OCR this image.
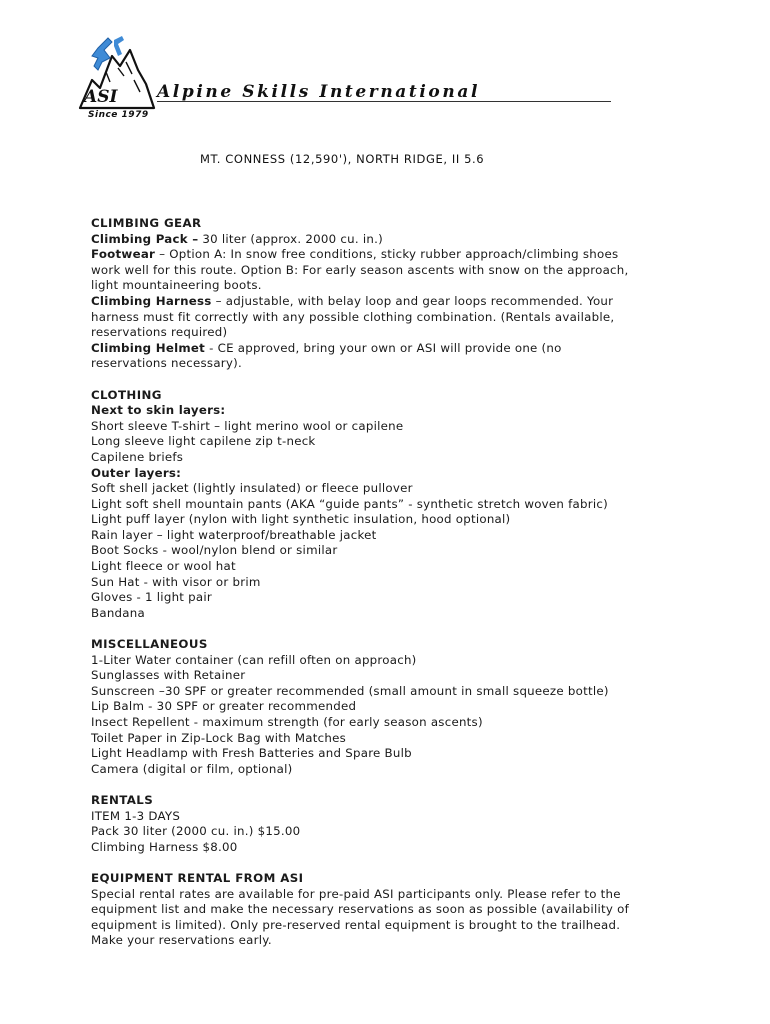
ASI Alpine Skills International
Since 1979
MT. CONNESS (12,590'), NORTH RIDGE, II 5.6
CLIMBING GEAR
Climbing Pack – 30 liter (approx. 2000 cu. in.)
Footwear – Option A: In snow free conditions, sticky rubber approach/climbing shoes
work well for this route. Option B: For early season ascents with snow on the approach,
light mountaineering boots.
Climbing Harness – adjustable, with belay loop and gear loops recommended. Your
harness must fit correctly with any possible clothing combination. (Rentals available,
reservations required)
Climbing Helmet - CE approved, bring your own or ASI will provide one (no
reservations necessary).
CLOTHING
Next to skin layers:
Short sleeve T-shirt – light merino wool or capilene
Long sleeve light capilene zip t-neck
Capilene briefs
Outer layers:
Soft shell jacket (lightly insulated) or fleece pullover
Light soft shell mountain pants (AKA “guide pants” - synthetic stretch woven fabric)
Light puff layer (nylon with light synthetic insulation, hood optional)
Rain layer – light waterproof/breathable jacket
Boot Socks - wool/nylon blend or similar
Light fleece or wool hat
Sun Hat - with visor or brim
Gloves - 1 light pair
Bandana
MISCELLANEOUS
1-Liter Water container (can refill often on approach)
Sunglasses with Retainer
Sunscreen –30 SPF or greater recommended (small amount in small squeeze bottle)
Lip Balm - 30 SPF or greater recommended
Insect Repellent - maximum strength (for early season ascents)
Toilet Paper in Zip-Lock Bag with Matches
Light Headlamp with Fresh Batteries and Spare Bulb
Camera (digital or film, optional)
RENTALS
ITEM 1-3 DAYS
Pack 30 liter (2000 cu. in.) $15.00
Climbing Harness $8.00
EQUIPMENT RENTAL FROM ASI
Special rental rates are available for pre-paid ASI participants only. Please refer to the
equipment list and make the necessary reservations as soon as possible (availability of
equipment is limited). Only pre-reserved rental equipment is brought to the trailhead.
Make your reservations early.
